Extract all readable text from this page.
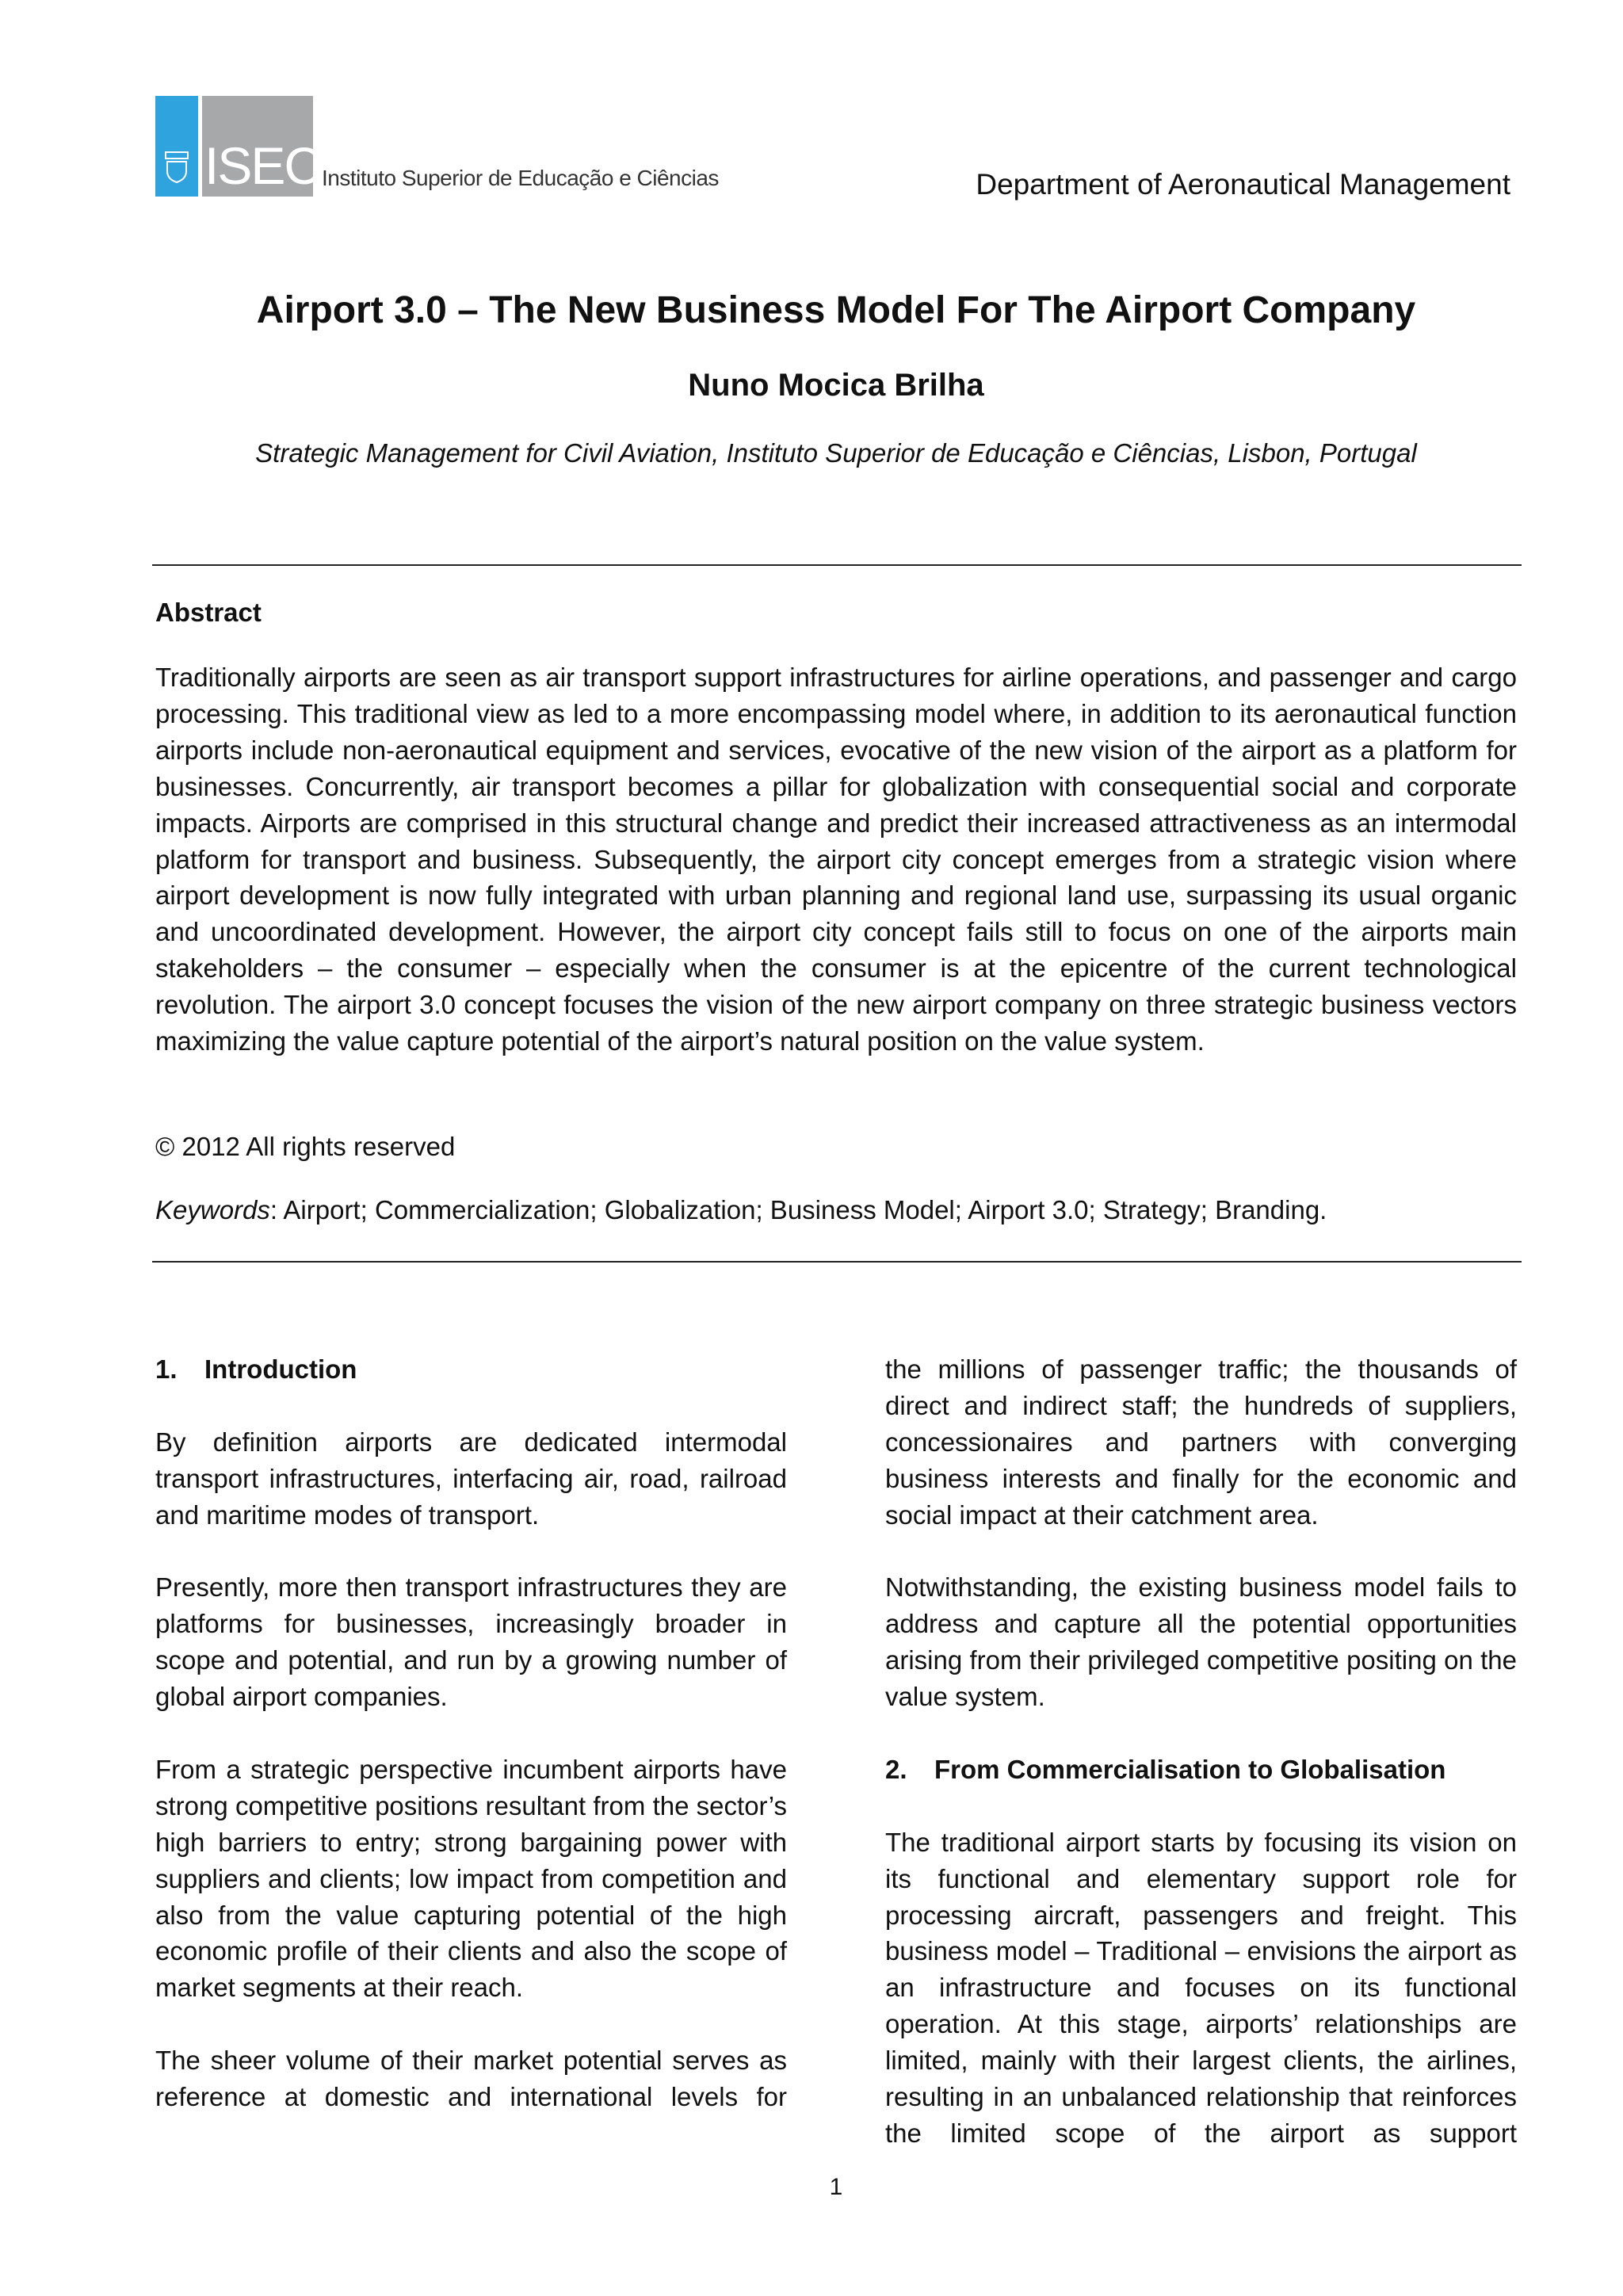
ISEC Instituto Superior de Educação e Ciências	Department of Aeronautical Management
Airport 3.0 – The New Business Model For The Airport Company
Nuno Mocica Brilha
Strategic Management for Civil Aviation, Instituto Superior de Educação e Ciências, Lisbon, Portugal
Abstract
Traditionally airports are seen as air transport support infrastructures for airline operations, and passenger and cargo processing. This traditional view as led to a more encompassing model where, in addition to its aeronautical function airports include non-aeronautical equipment and services, evocative of the new vision of the airport as a platform for businesses. Concurrently, air transport becomes a pillar for globalization with consequential social and corporate impacts. Airports are comprised in this structural change and predict their increased attractiveness as an intermodal platform for transport and business. Subsequently, the airport city concept emerges from a strategic vision where airport development is now fully integrated with urban planning and regional land use, surpassing its usual organic and uncoordinated development. However, the airport city concept fails still to focus on one of the airports main stakeholders – the consumer – especially when the consumer is at the epicentre of the current technological revolution. The airport 3.0 concept focuses the vision of the new airport company on three strategic business vectors maximizing the value capture potential of the airport’s natural position on the value system.
© 2012 All rights reserved
Keywords: Airport; Commercialization; Globalization; Business Model; Airport 3.0; Strategy; Branding.
1. Introduction

By definition airports are dedicated intermodal transport infrastructures, interfacing air, road, railroad and maritime modes of transport.

Presently, more then transport infrastructures they are platforms for businesses, increasingly broader in scope and potential, and run by a growing number of global airport companies.

From a strategic perspective incumbent airports have strong competitive positions resultant from the sector’s high barriers to entry; strong bargaining power with suppliers and clients; low impact from competition and also from the value capturing potential of the high economic profile of their clients and also the scope of market segments at their reach.

The sheer volume of their market potential serves as reference at domestic and international levels for

the millions of passenger traffic; the thousands of direct and indirect staff; the hundreds of suppliers, concessionaires and partners with converging business interests and finally for the economic and social impact at their catchment area.

Notwithstanding, the existing business model fails to address and capture all the potential opportunities arising from their privileged competitive positing on the value system.

2. From Commercialisation to Globalisation

The traditional airport starts by focusing its vision on its functional and elementary support role for processing aircraft, passengers and freight. This business model – Traditional – envisions the airport as an infrastructure and focuses on its functional operation. At this stage, airports’ relationships are limited, mainly with their largest clients, the airlines, resulting in an unbalanced relationship that reinforces the limited scope of the airport as support

1
